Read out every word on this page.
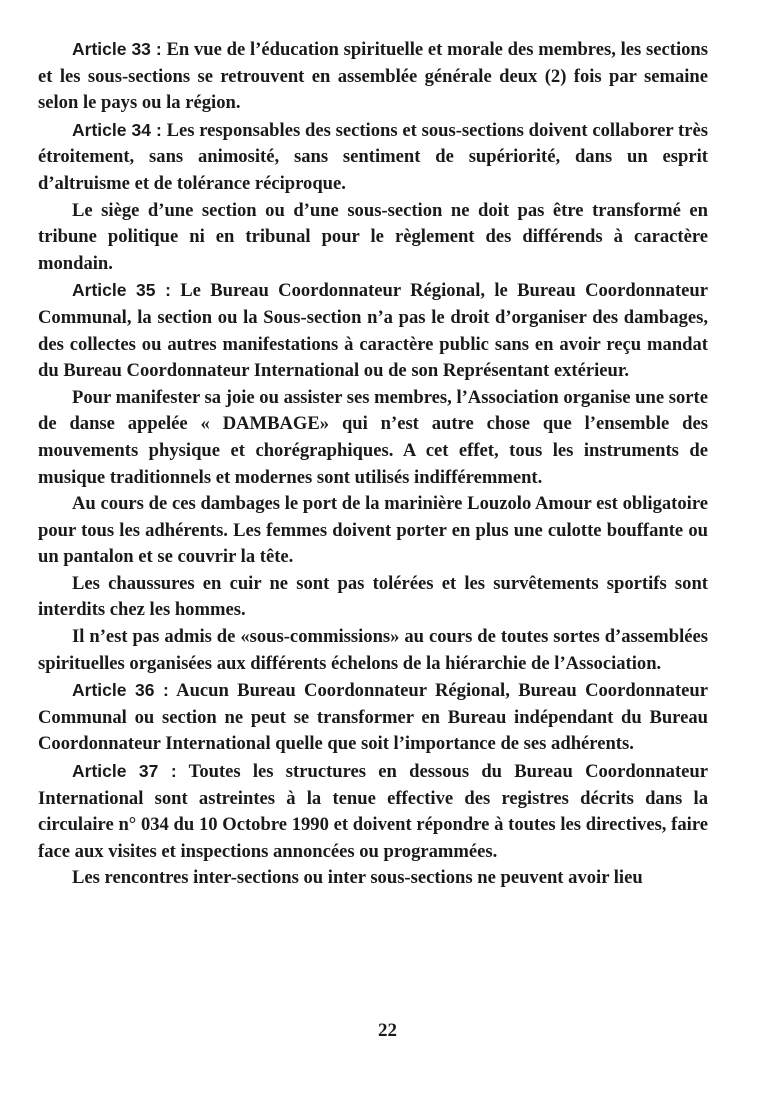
Article 33 : En vue de l’éducation spirituelle et morale des membres, les sections et les sous-sections se retrouvent en assemblée générale deux (2) fois par semaine selon le pays ou la région.

Article 34 : Les responsables des sections et sous-sections doivent collaborer très étroitement, sans animosité, sans sentiment de supériorité, dans un esprit d’altruisme et de tolérance réciproque.

Le siège d’une section ou d’une sous-section ne doit pas être transformé en tribune politique ni en tribunal pour le règlement des différends à caractère mondain.

Article 35 : Le Bureau Coordonnateur Régional, le Bureau Coordonnateur Communal, la section ou la Sous-section n’a pas le droit d’organiser des dambages, des collectes ou autres manifestations à caractère public sans en avoir reçu mandat du Bureau Coordonnateur International ou de son Représentant extérieur.

Pour manifester sa joie ou assister ses membres, l’Association organise une sorte de danse appelée « DAMBAGE» qui n’est autre chose que l’ensemble des mouvements physique et chorégraphiques. A cet effet, tous les instruments de musique traditionnels et modernes sont utilisés indifféremment.

Au cours de ces dambages le port de la marinière Louzolo Amour est obligatoire pour tous les adhérents. Les femmes doivent porter en plus une culotte bouffante ou un pantalon et se couvrir la tête.

Les chaussures en cuir ne sont pas tolérées et les survêtements sportifs sont interdits chez les hommes.

Il n’est pas admis de «sous-commissions» au cours de toutes sortes d’assemblées spirituelles organisées aux différents échelons de la hiérarchie de l’Association.

Article 36 : Aucun Bureau Coordonnateur Régional, Bureau Coordonnateur Communal ou section ne peut se transformer en Bureau indépendant du Bureau Coordonnateur International quelle que soit l’importance de ses adhérents.

Article 37 : Toutes les structures en dessous du Bureau Coordonnateur International sont astreintes à la tenue effective des registres décrits dans la circulaire n° 034 du 10 Octobre 1990 et doivent répondre à toutes les directives, faire face aux visites et inspections annoncées ou programmées.

Les rencontres inter-sections ou inter sous-sections ne peuvent avoir lieu

22
